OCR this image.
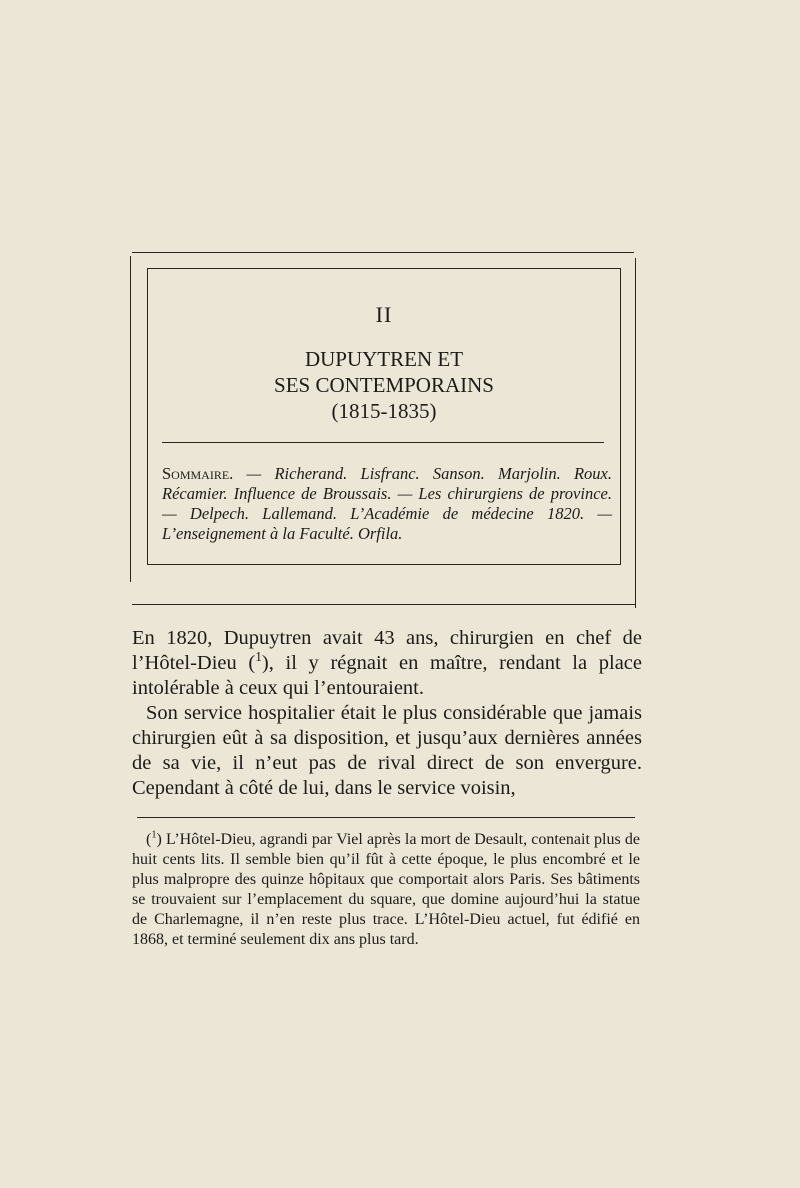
II
DUPUYTREN ET
SES CONTEMPORAINS
(1815-1835)
Sommaire. — Richerand. Lisfranc. Sanson. Marjolin. Roux. Récamier. Influence de Broussais. — Les chirurgiens de province. — Delpech. Lallemand. L’Académie de médecine 1820. — L’enseignement à la Faculté. Orfila.

En 1820, Dupuytren avait 43 ans, chirurgien en chef de l’Hôtel-Dieu ($^1$), il y régnait en maître, rendant la place intolérable à ceux qui l’entouraient.

Son service hospitalier était le plus considérable que jamais chirurgien eût à sa disposition, et jusqu’aux dernières années de sa vie, il n’eut pas de rival direct de son envergure. Cependant à côté de lui, dans le service voisin,

($^1$) L’Hôtel-Dieu, agrandi par Viel après la mort de Desault, contenait plus de huit cents lits. Il semble bien qu’il fût à cette époque, le plus encombré et le plus malpropre des quinze hôpitaux que comportait alors Paris. Ses bâtiments se trouvaient sur l’emplacement du square, que domine aujourd’hui la statue de Charlemagne, il n’en reste plus trace. L’Hôtel-Dieu actuel, fut édifié en 1868, et terminé seulement dix ans plus tard.
